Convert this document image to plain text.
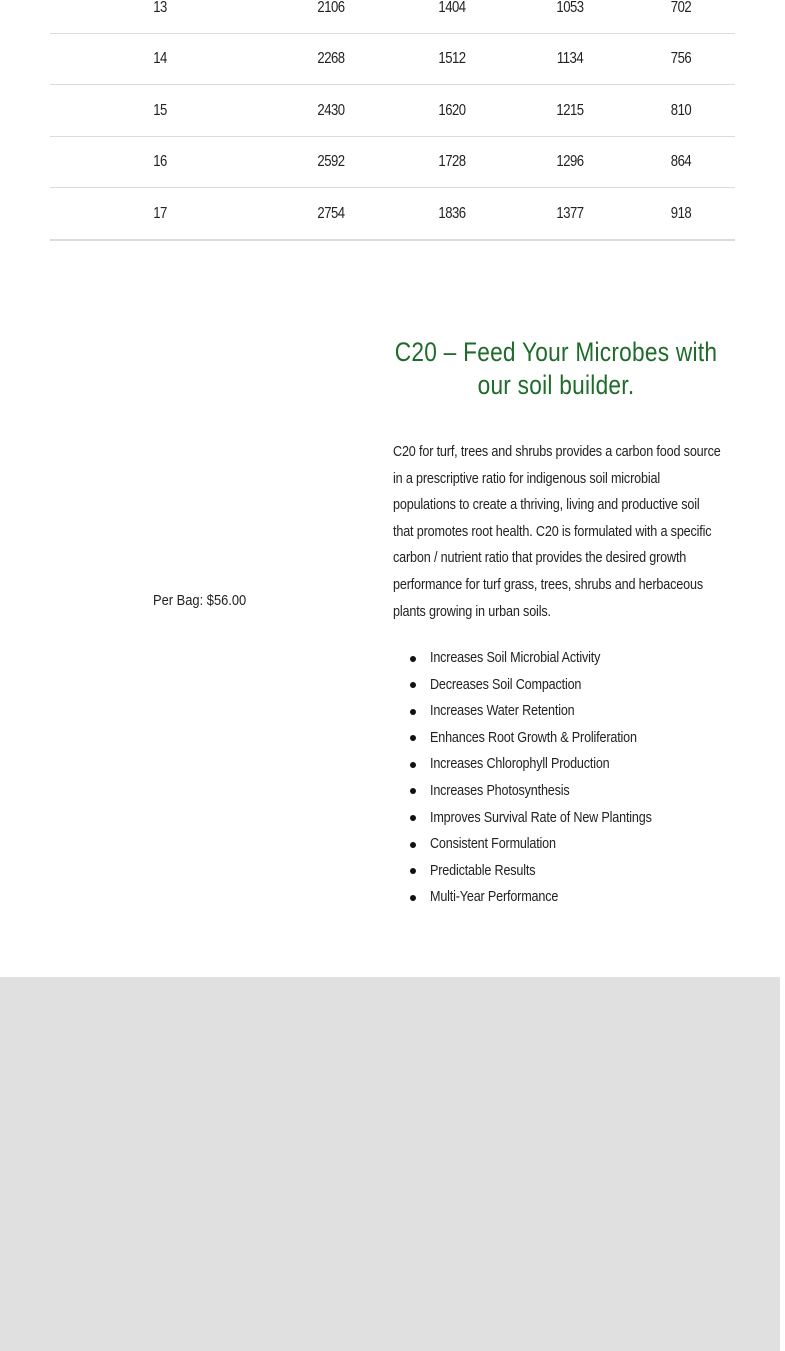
13	2106	1404	1053	702
14	2268	1512	1134	756
15	2430	1620	1215	810
16	2592	1728	1296	864
17	2754	1836	1377	918
Per Bag: $56.00
C20 – Feed Your Microbes with our soil builder.
C20 for turf, trees and shrubs provides a carbon food source in a prescriptive ratio for indigenous soil microbial populations to create a thriving, living and productive soil that promotes root health. C20 is formulated with a specific carbon / nutrient ratio that provides the desired growth performance for turf grass, trees, shrubs and herbaceous plants growing in urban soils.
Increases Soil Microbial Activity
Decreases Soil Compaction
Increases Water Retention
Enhances Root Growth & Proliferation
Increases Chlorophyll Production
Increases Photosynthesis
Improves Survival Rate of New Plantings
Consistent Formulation
Predictable Results
Multi-Year Performance
